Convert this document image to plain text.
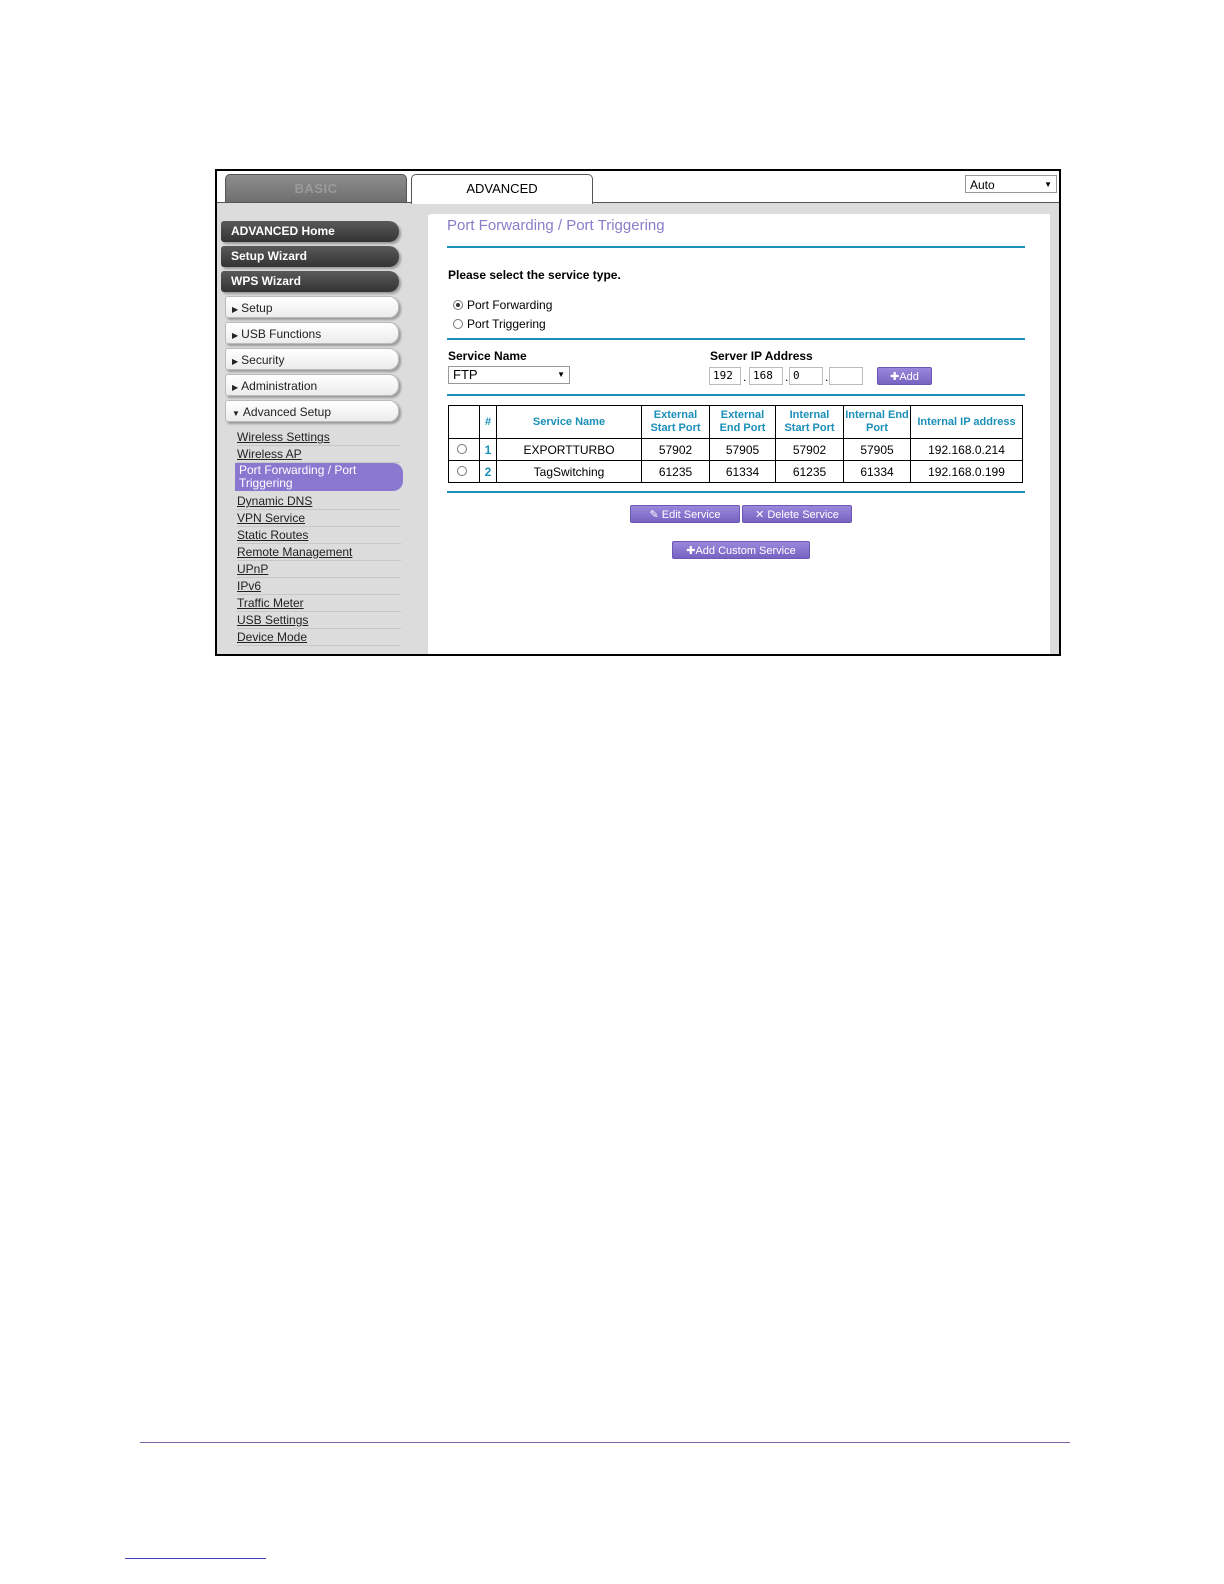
BASIC	ADVANCED	Auto	▼
ADVANCED Home
Setup Wizard
WPS Wizard
▶ Setup
▶ USB Functions
▶ Security
▶ Administration
▼ Advanced Setup
Wireless Settings
Wireless AP
Port Forwarding / Port Triggering
Dynamic DNS
VPN Service
Static Routes
Remote Management
UPnP
IPv6
Traffic Meter
USB Settings
Device Mode
Port Forwarding / Port Triggering
Please select the service type.
Port Forwarding
Port Triggering
Service Name	Server IP Address
FTP	▼	192 . 168	. 0	.	✚Add
	#	Service Name	External Start Port	External End Port	Internal Start Port	Internal End Port	Internal IP address
	1	EXPORTTURBO	57902	57905	57902	57905	192.168.0.214
	2	TagSwitching	61235	61334	61235	61334	192.168.0.199
✎ Edit Service	✕ Delete Service
✚Add Custom Service
